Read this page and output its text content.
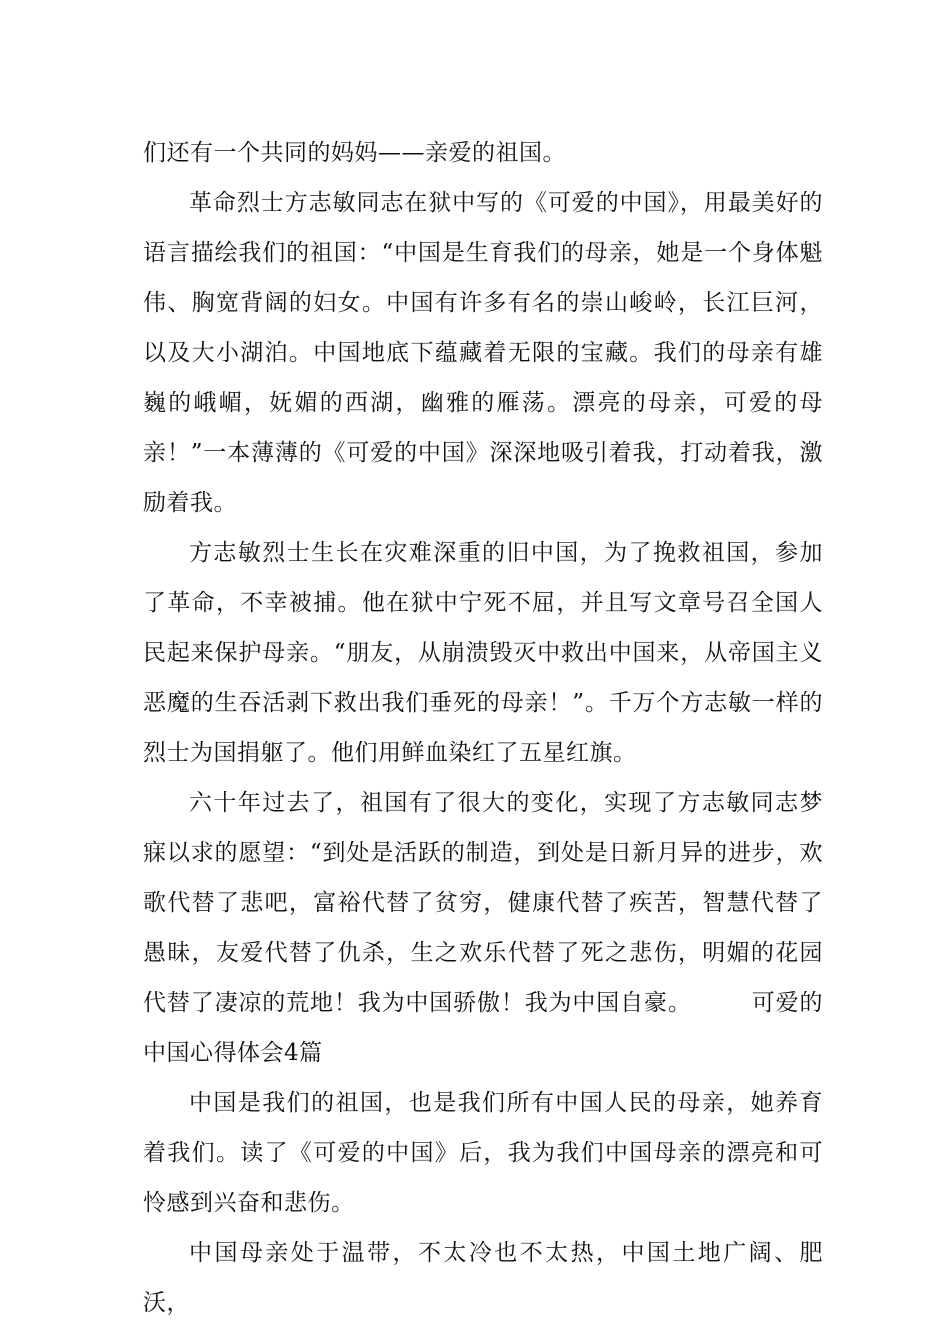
们还有一个共同的妈妈——亲爱的祖国。

革命烈士方志敏同志在狱中写的《可爱的中国》，用最美好的语言描绘我们的祖国：“中国是生育我们的母亲，她是一个身体魁伟、胸宽背阔的妇女。中国有许多有名的崇山峻岭，长江巨河，以及大小湖泊。中国地底下蕴藏着无限的宝藏。我们的母亲有雄巍的峨嵋，妩媚的西湖，幽雅的雁荡。漂亮的母亲，可爱的母亲！”一本薄薄的《可爱的中国》深深地吸引着我，打动着我，激励着我。

方志敏烈士生长在灾难深重的旧中国，为了挽救祖国，参加了革命，不幸被捕。他在狱中宁死不屈，并且写文章号召全国人民起来保护母亲。“朋友，从崩溃毁灭中救出中国来，从帝国主义恶魔的生吞活剥下救出我们垂死的母亲！”。千万个方志敏一样的烈士为国捐躯了。他们用鲜血染红了五星红旗。

六十年过去了，祖国有了很大的变化，实现了方志敏同志梦寐以求的愿望：“到处是活跃的制造，到处是日新月异的进步，欢歌代替了悲吧，富裕代替了贫穷，健康代替了疾苦，智慧代替了愚昧，友爱代替了仇杀，生之欢乐代替了死之悲伤，明媚的花园代替了凄凉的荒地！我为中国骄傲！我为中国自豪。　　　	可爱的中国心得体会4篇

中国是我们的祖国，也是我们所有中国人民的母亲，她养育着我们。读了《可爱的中国》后，我为我们中国母亲的漂亮和可怜感到兴奋和悲伤。

中国母亲处于温带，不太冷也不太热，中国土地广阔、肥沃，
